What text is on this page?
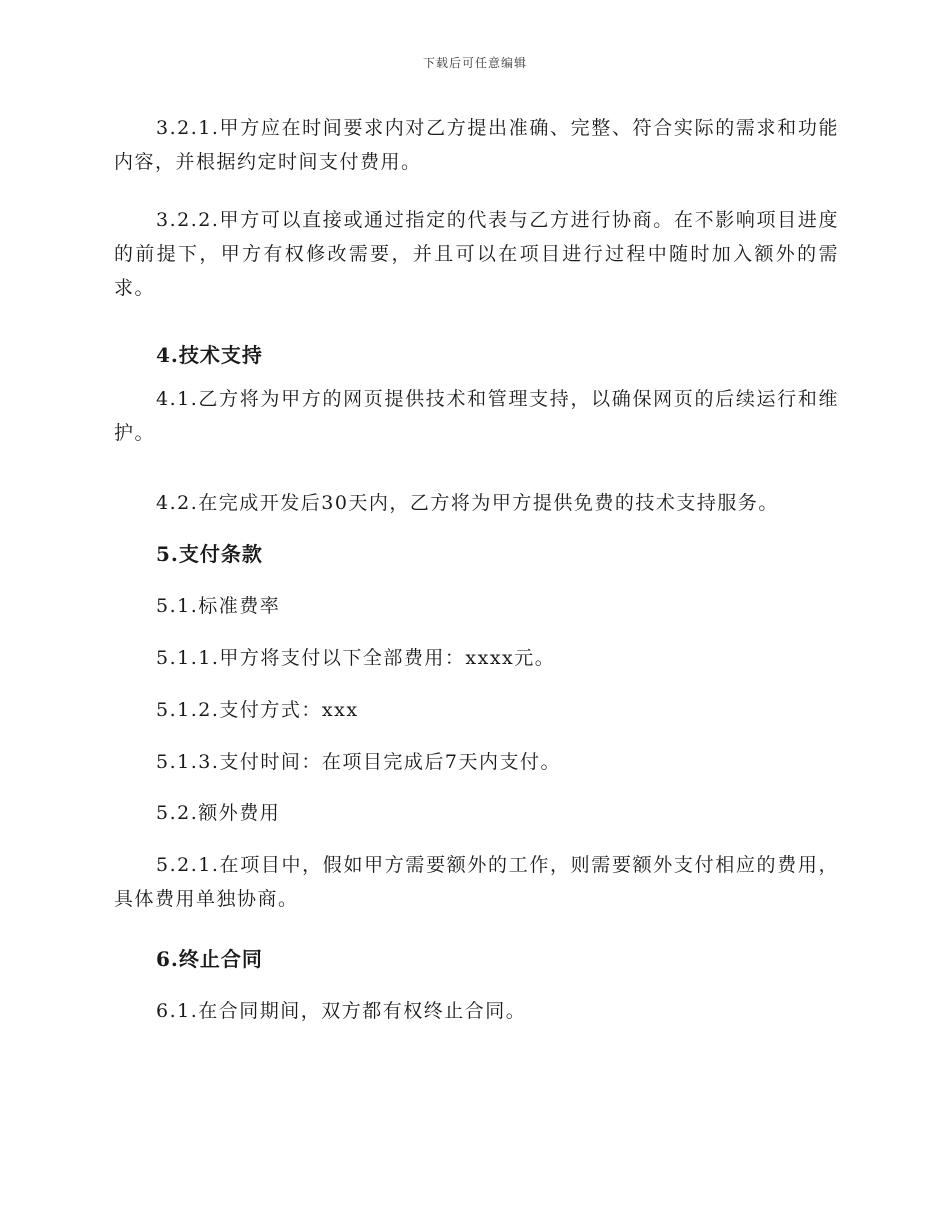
下载后可任意编辑

3.2.1.甲方应在时间要求内对乙方提出准确、完整、符合实际的需求和功能内容，并根据约定时间支付费用。

3.2.2.甲方可以直接或通过指定的代表与乙方进行协商。在不影响项目进度的前提下，甲方有权修改需要，并且可以在项目进行过程中随时加入额外的需求。

4.技术支持

4.1.乙方将为甲方的网页提供技术和管理支持，以确保网页的后续运行和维护。

4.2.在完成开发后30天内，乙方将为甲方提供免费的技术支持服务。

5.支付条款

5.1.标准费率

5.1.1.甲方将支付以下全部费用：xxxx元。

5.1.2.支付方式：xxx

5.1.3.支付时间：在项目完成后7天内支付。

5.2.额外费用

5.2.1.在项目中，假如甲方需要额外的工作，则需要额外支付相应的费用，具体费用单独协商。

6.终止合同

6.1.在合同期间，双方都有权终止合同。
